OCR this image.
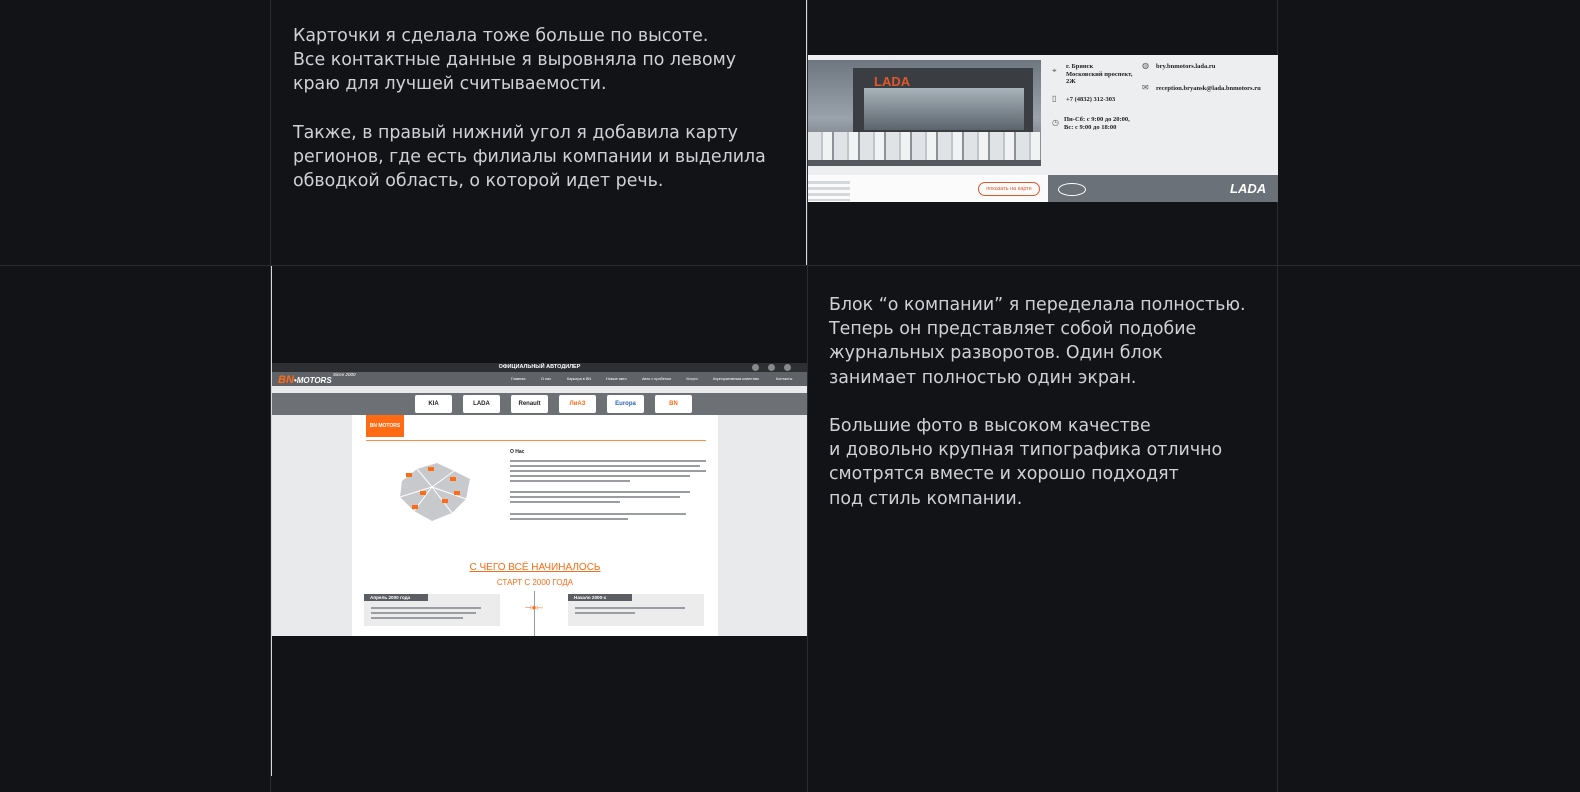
Карточки я сделала тоже больше по высоте.
Все контактные данные я выровняла по левому
краю для лучшей считываемости.

Также, в правый нижний угол я добавила карту
регионов, где есть филиалы компании и выделила
обводкой область, о которой идет речь.
LADA
⌖	г. Брянск
Московский проспект,
2Ж
▯	+7 (4832) 312-303
◷ Пн-Сб: с 9:00 до 20:00,
Вс: с 9:00 до 18:00
◍ bry.bnmotors.lada.ru
✉ reception.bryansk@lada.bnmotors.ru
показать на карте	LADA
ОФИЦИАЛЬНЫЙ АВТОДИЛЕР
BN•MOTORS
Since 2000
Главная	О нас	Карьера в BN	Новые авто	Авто с пробегом	Услуги	Корпоративным клиентам	Контакты
KIA	LADA	Renault	ЛиАЗ	Europa	BN
BN MOTORS
О Нас
С ЧЕГО ВСЁ НАЧИНАЛОСЬ
СТАРТ С 2000 ГОДА
⟞●⟝
Апрель 2000 года	Начало 2000-х
Блок “о компании” я переделала полностью.
Теперь он представляет собой подобие
журнальных разворотов. Один блок
занимает полностью один экран.

Большие фото в высоком качестве
и довольно крупная типографика отлично
смотрятся вместе и хорошо подходят
под стиль компании.
